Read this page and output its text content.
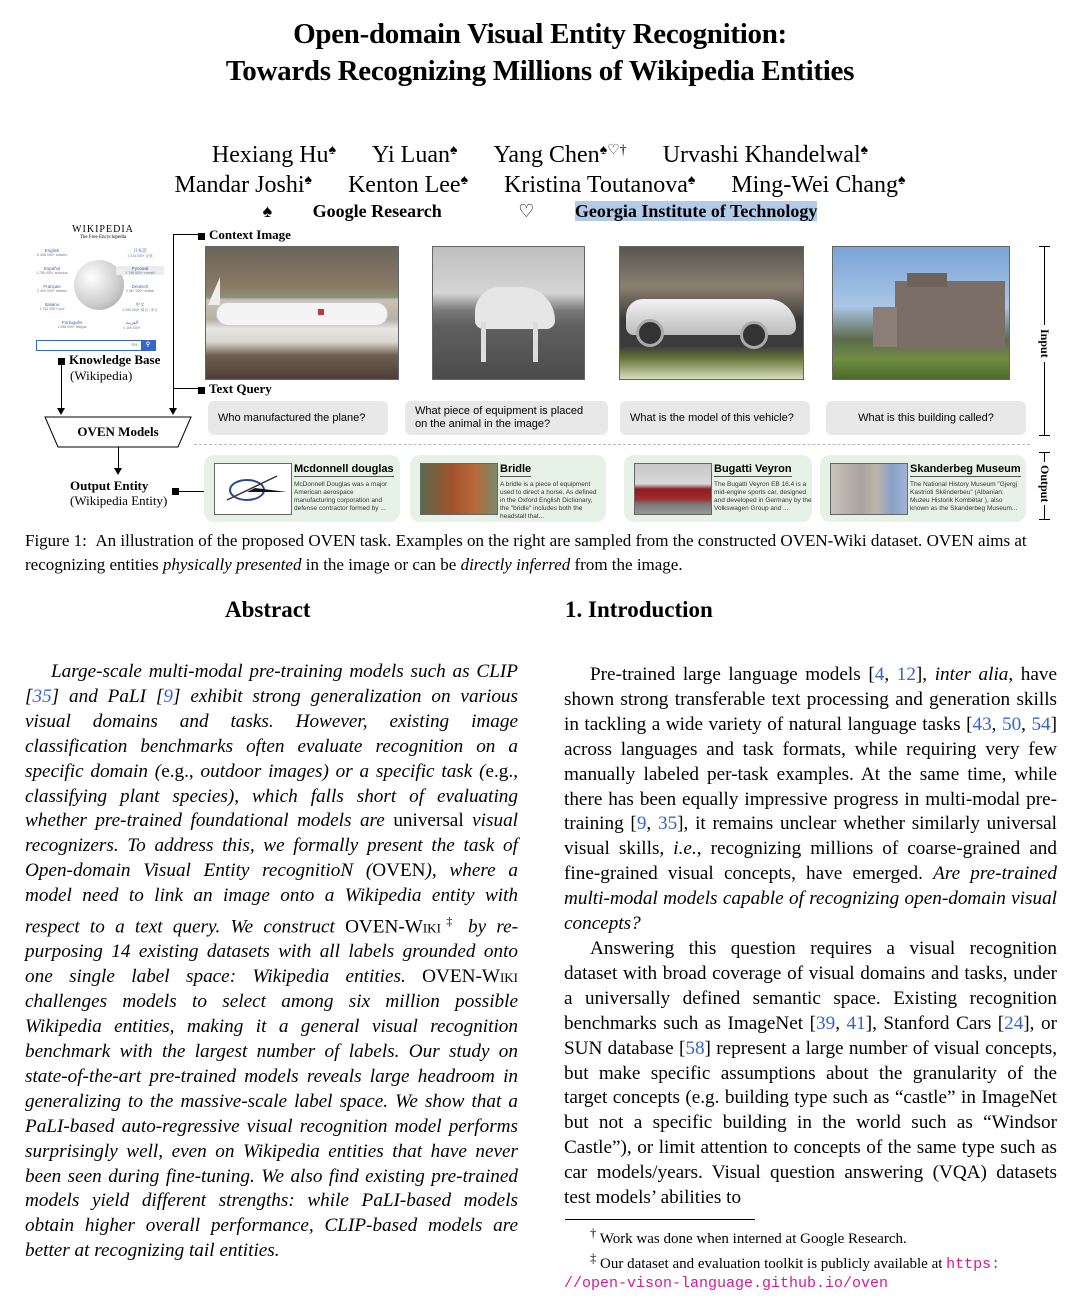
Open-domain Visual Entity Recognition:
Towards Recognizing Millions of Wikipedia Entities
Hexiang Hu♠ Yi Luan♠ Yang Chen♠♡† Urvashi Khandelwal♠
Mandar Joshi♠ Kenton Lee♠ Kristina Toutanova♠ Ming-Wei Chang♠
♠ Google Research	♡ Georgia Institute of Technology
WIKIPEDIA
The Free Encyclopedia
English
6 458 000+ articles
日本語
1 314 000+ 記事
Español
1 755 000+ artículos
Русский
1 798 000+ статей
Français
2 400 000+ articles
Deutsch
2 667 000+ Artikel
Italiano
1 742 000+ voci
中文
1 256 000+ 條目 / 条目
Português
1 085 000+ artigos
العربية
1 159 000+
EN	⚲
Knowledge Base
(Wikipedia)
Context Image
Text Query
OVEN Models
Output Entity
(Wikipedia Entity)
Input
Output
Who manufactured the plane?
What piece of equipment is placed on the animal in the image?	What is the model of this vehicle?	What is this building called?
Mcdonnell douglas
McDonnell Douglas was a major American aerospace manufacturing corporation and defense contractor formed by ...
Bridle
A bridle is a piece of equipment used to direct a horse. As defined in the Oxford English Dictionary, the "bridle" includes both the headstall that...
Bugatti Veyron
The Bugatti Veyron EB 16.4 is a mid-engine sports car, designed and developed in Germany by the Volkswagen Group and ...
Skanderbeg Museum
The National History Museum "Gjergj Kastrioti Skënderbeu" (Albanian: Muzeu Historik Kombëtar ), also known as the Skanderbeg Museum...
Figure 1: An illustration of the proposed OVEN task. Examples on the right are sampled from the constructed OVEN-Wiki dataset. OVEN aims at recognizing entities physically presented in the image or can be directly inferred from the image.
Abstract

Large-scale multi-modal pre-training models such as CLIP [35] and PaLI [9] exhibit strong generalization on various visual domains and tasks. However, existing image classification benchmarks often evaluate recognition on a specific domain (e.g., outdoor images) or a specific task (e.g., classifying plant species), which falls short of evaluating whether pre-trained foundational models are universal visual recognizers. To address this, we formally present the task of Open-domain Visual Entity recognitioN (OVEN), where a model need to link an image onto a Wikipedia entity with respect to a text query. We construct OVEN-Wiki‡ by re-purposing 14 existing datasets with all labels grounded onto one single label space: Wikipedia entities. OVEN-Wiki challenges models to select among six million possible Wikipedia entities, making it a general visual recognition benchmark with the largest number of labels. Our study on state-of-the-art pre-trained models reveals large headroom in generalizing to the massive-scale label space. We show that a PaLI-based auto-regressive visual recognition model performs surprisingly well, even on Wikipedia entities that have never been seen during fine-tuning. We also find existing pre-trained models yield different strengths: while PaLI-based models obtain higher overall performance, CLIP-based models are better at recognizing tail entities.

1. Introduction

Pre-trained large language models [4, 12], inter alia, have shown strong transferable text processing and generation skills in tackling a wide variety of natural language tasks [43, 50, 54] across languages and task formats, while requiring very few manually labeled per-task examples. At the same time, while there has been equally impressive progress in multi-modal pre-training [9, 35], it remains unclear whether similarly universal visual skills, i.e., recognizing millions of coarse-grained and fine-grained visual concepts, have emerged. Are pre-trained multi-modal models capable of recognizing open-domain visual concepts?

Answering this question requires a visual recognition dataset with broad coverage of visual domains and tasks, under a universally defined semantic space. Existing recognition benchmarks such as ImageNet [39, 41], Stanford Cars [24], or SUN database [58] represent a large number of visual concepts, but make specific assumptions about the granularity of the target concepts (e.g. building type such as “castle” in ImageNet but not a specific building in the world such as “Windsor Castle”), or limit attention to concepts of the same type such as car models/years. Visual question answering (VQA) datasets test models’ abilities to

† Work was done when interned at Google Research.
‡ Our dataset and evaluation toolkit is publicly available at https:
//open-vison-language.github.io/oven
